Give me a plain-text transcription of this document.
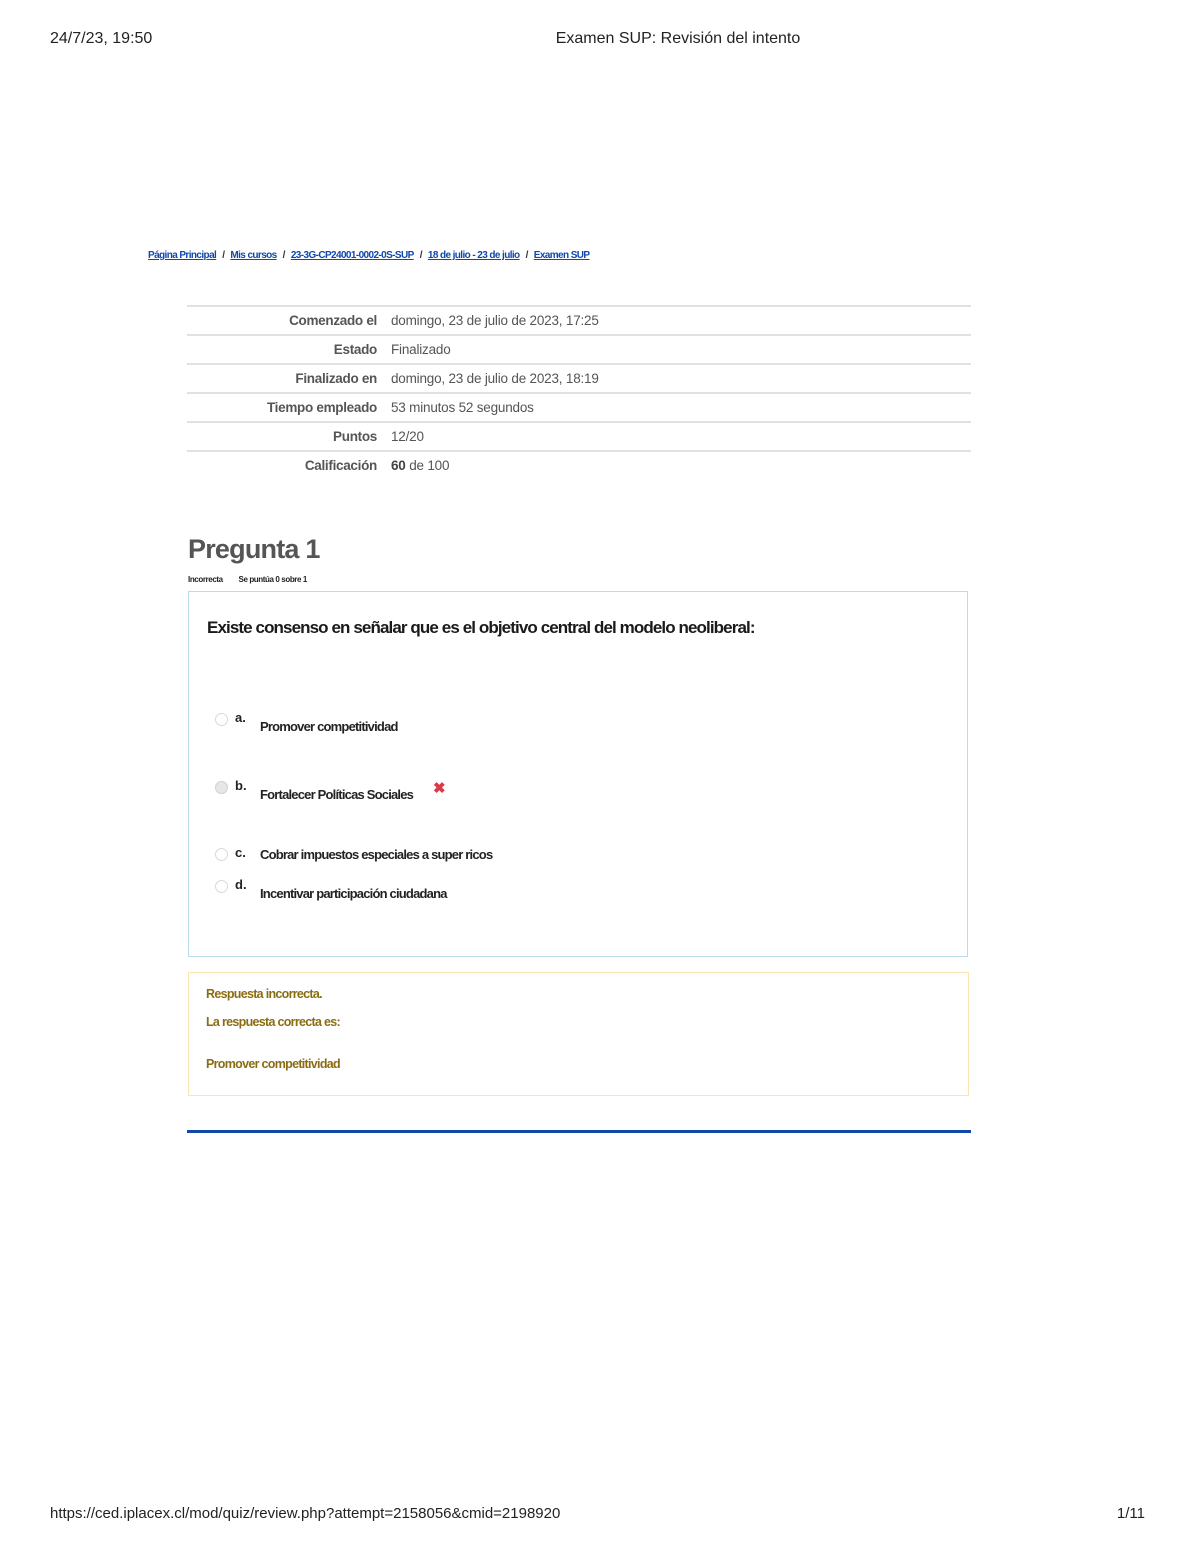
24/7/23, 19:50	Examen SUP: Revisión del intento
Página Principal / Mis cursos / 23-3G-CP24001-0002-0S-SUP / 18 de julio - 23 de julio / Examen SUP
Comenzado el	domingo, 23 de julio de 2023, 17:25
Estado	Finalizado
Finalizado en	domingo, 23 de julio de 2023, 18:19
Tiempo empleado	53 minutos 52 segundos
Puntos	12/20
Calificación	60 de 100
Pregunta 1
Incorrecta Se puntúa 0 sobre 1
Existe consenso en señalar que es el objetivo central del modelo neoliberal:
a.
Promover competitividad
b.
Fortalecer Políticas Sociales ✖
c. Cobrar impuestos especiales a super ricos
d.
Incentivar participación ciudadana
Respuesta incorrecta.
La respuesta correcta es:
Promover competitividad
https://ced.iplacex.cl/mod/quiz/review.php?attempt=2158056&cmid=2198920	1/11
